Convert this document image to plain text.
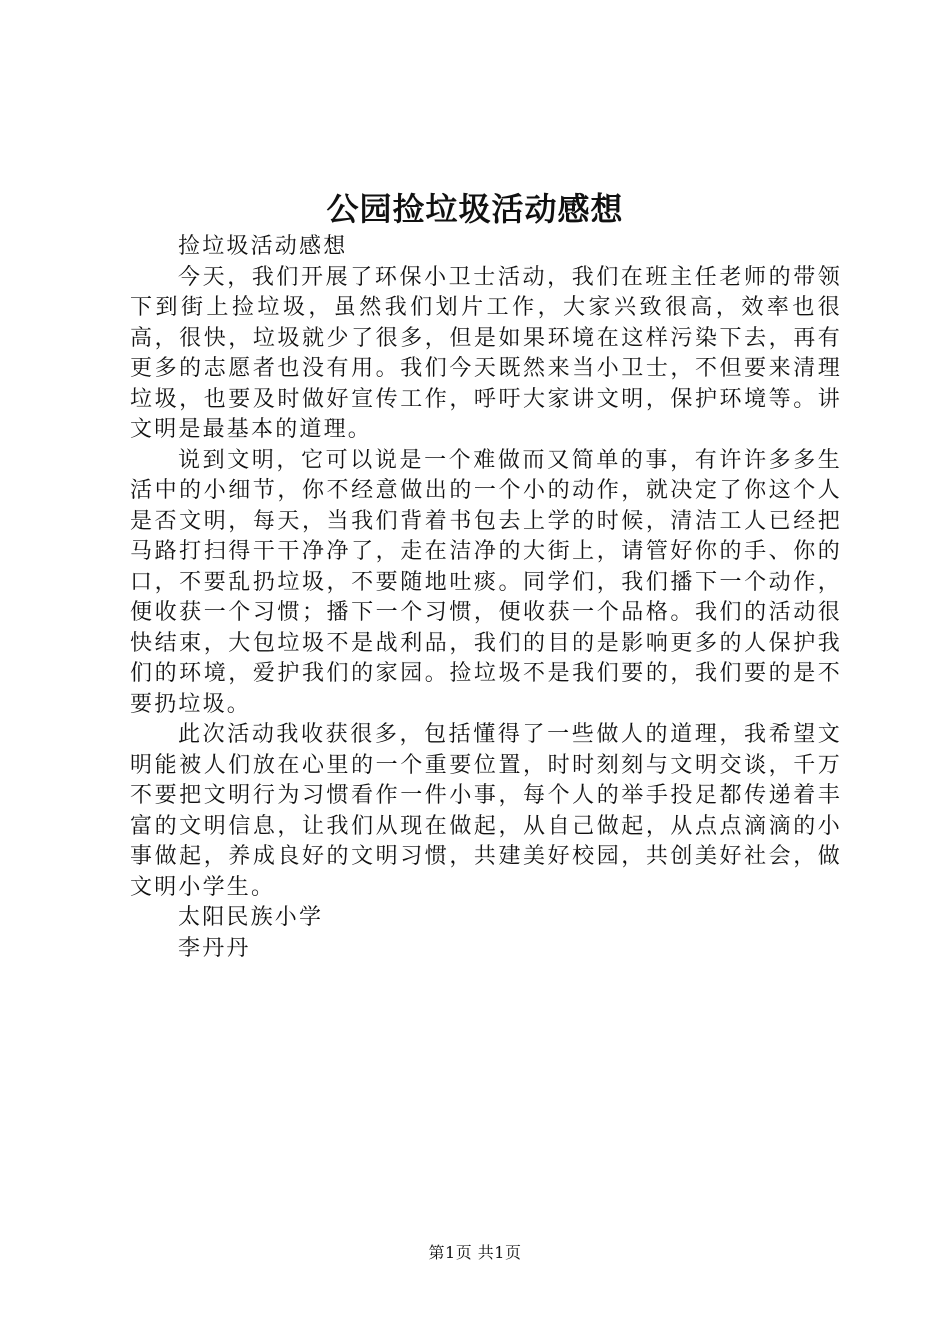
公园捡垃圾活动感想

捡垃圾活动感想

今天，我们开展了环保小卫士活动，我们在班主任老师的带领下到街上捡垃圾，虽然我们划片工作，大家兴致很高，效率也很高，很快，垃圾就少了很多，但是如果环境在这样污染下去，再有更多的志愿者也没有用。我们今天既然来当小卫士，不但要来清理垃圾，也要及时做好宣传工作，呼吁大家讲文明，保护环境等。讲文明是最基本的道理。

说到文明，它可以说是一个难做而又简单的事，有许许多多生活中的小细节，你不经意做出的一个小的动作，就决定了你这个人是否文明，每天，当我们背着书包去上学的时候，清洁工人已经把马路打扫得干干净净了，走在洁净的大街上，请管好你的手、你的口，不要乱扔垃圾，不要随地吐痰。同学们，我们播下一个动作，便收获一个习惯；播下一个习惯，便收获一个品格。我们的活动很快结束，大包垃圾不是战利品，我们的目的是影响更多的人保护我们的环境，爱护我们的家园。捡垃圾不是我们要的，我们要的是不要扔垃圾。

此次活动我收获很多，包括懂得了一些做人的道理，我希望文明能被人们放在心里的一个重要位置，时时刻刻与文明交谈，千万不要把文明行为习惯看作一件小事，每个人的举手投足都传递着丰富的文明信息，让我们从现在做起，从自己做起，从点点滴滴的小事做起，养成良好的文明习惯，共建美好校园，共创美好社会，做文明小学生。

太阳民族小学

李丹丹

第1页 共1页
